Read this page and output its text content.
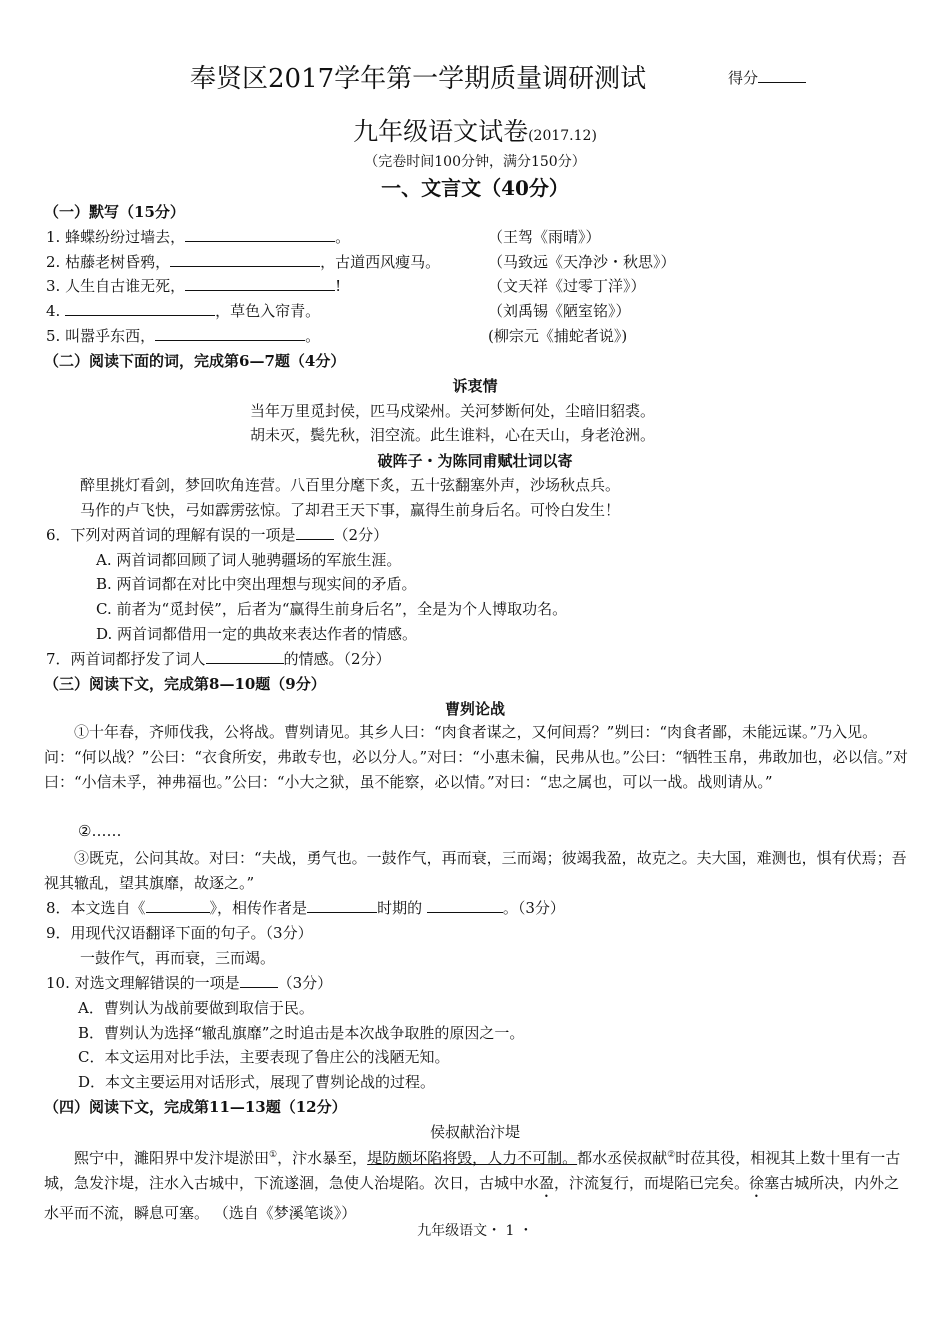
奉贤区2017学年第一学期质量调研测试	得分
九年级语文试卷(2017.12)
（完卷时间100分钟，满分150分）
一、文言文（40分）
（一）默写（15分）
1. 蜂蝶纷纷过墙去，	。	（王驾《雨晴》）
2. 枯藤老树昏鸦，	，古道西风瘦马。	（马致远《天净沙・秋思》）
3. 人生自古谁无死，	!	（文天祥《过零丁洋》）
4.	，草色入帘青。	（刘禹锡《陋室铭》）
5. 叫嚣乎东西，	。	(柳宗元《捕蛇者说》)
（二）阅读下面的词，完成第6—7题（4分）
诉衷情
当年万里觅封侯，匹马戍梁州。关河梦断何处，尘暗旧貂裘。
胡未灭，鬓先秋，泪空流。此生谁料，心在天山，身老沧洲。
破阵子・为陈同甫赋壮词以寄
醉里挑灯看剑，梦回吹角连营。八百里分麾下炙，五十弦翻塞外声，沙场秋点兵。
马作的卢飞快，弓如霹雳弦惊。了却君王天下事，赢得生前身后名。可怜白发生！
6．下列对两首词的理解有误的一项是	（2分）
A. 两首词都回顾了词人驰骋疆场的军旅生涯。
B. 两首词都在对比中突出理想与现实间的矛盾。
C. 前者为“觅封侯”，后者为“赢得生前身后名”，全是为个人博取功名。
D. 两首词都借用一定的典故来表达作者的情感。
7．两首词都抒发了词人	的情感。（2分）
（三）阅读下文，完成第8—10题（9分）
曹刿论战
①十年春，齐师伐我，公将战。曹刿请见。其乡人曰：“肉食者谋之，又何间焉？”刿曰：“肉食者鄙，未能远谋。”乃入见。问：“何以战？”公曰：“衣食所安，弗敢专也，必以分人。”对曰：“小惠未徧，民弗从也。”公曰：“牺牲玉帛，弗敢加也，必以信。”对曰：“小信未孚，神弗福也。”公曰：“小大之狱，虽不能察，必以情。”对曰：“忠之属也，可以一战。战则请从。”
②……
③既克，公问其故。对曰：“夫战，勇气也。一鼓作气，再而衰，三而竭；彼竭我盈，故克之。夫大国，难测也，惧有伏焉；吾视其辙乱，望其旗靡，故逐之。”
8．本文选自《	》，相传作者是	时期的	。（3分）
9．用现代汉语翻译下面的句子。（3分）
一鼓作气，再而衰，三而竭。
10. 对选文理解错误的一项是	（3分）
A．曹刿认为战前要做到取信于民。
B．曹刿认为选择“辙乱旗靡”之时追击是本次战争取胜的原因之一。
C．本文运用对比手法，主要表现了鲁庄公的浅陋无知。
D．本文主要运用对话形式，展现了曹刿论战的过程。
（四）阅读下文，完成第11—13题（12分）
侯叔献治汴堤
熙宁中，濉阳界中发汴堤淤田①，汴水暴至，堤防颇坏陷将毁，人力不可制。都水丞侯叔献②时莅其役，相视其上数十里有一古城，急发汴堤，注水入古城中，下流遂涸，急使人治堤陷。次日，古城中水盈，汴流复行，而堤陷已完矣。徐塞古城所决，内外之水平而不流，瞬息可塞。 （选自《梦溪笔谈》）
九年级语文・ 1 ・
